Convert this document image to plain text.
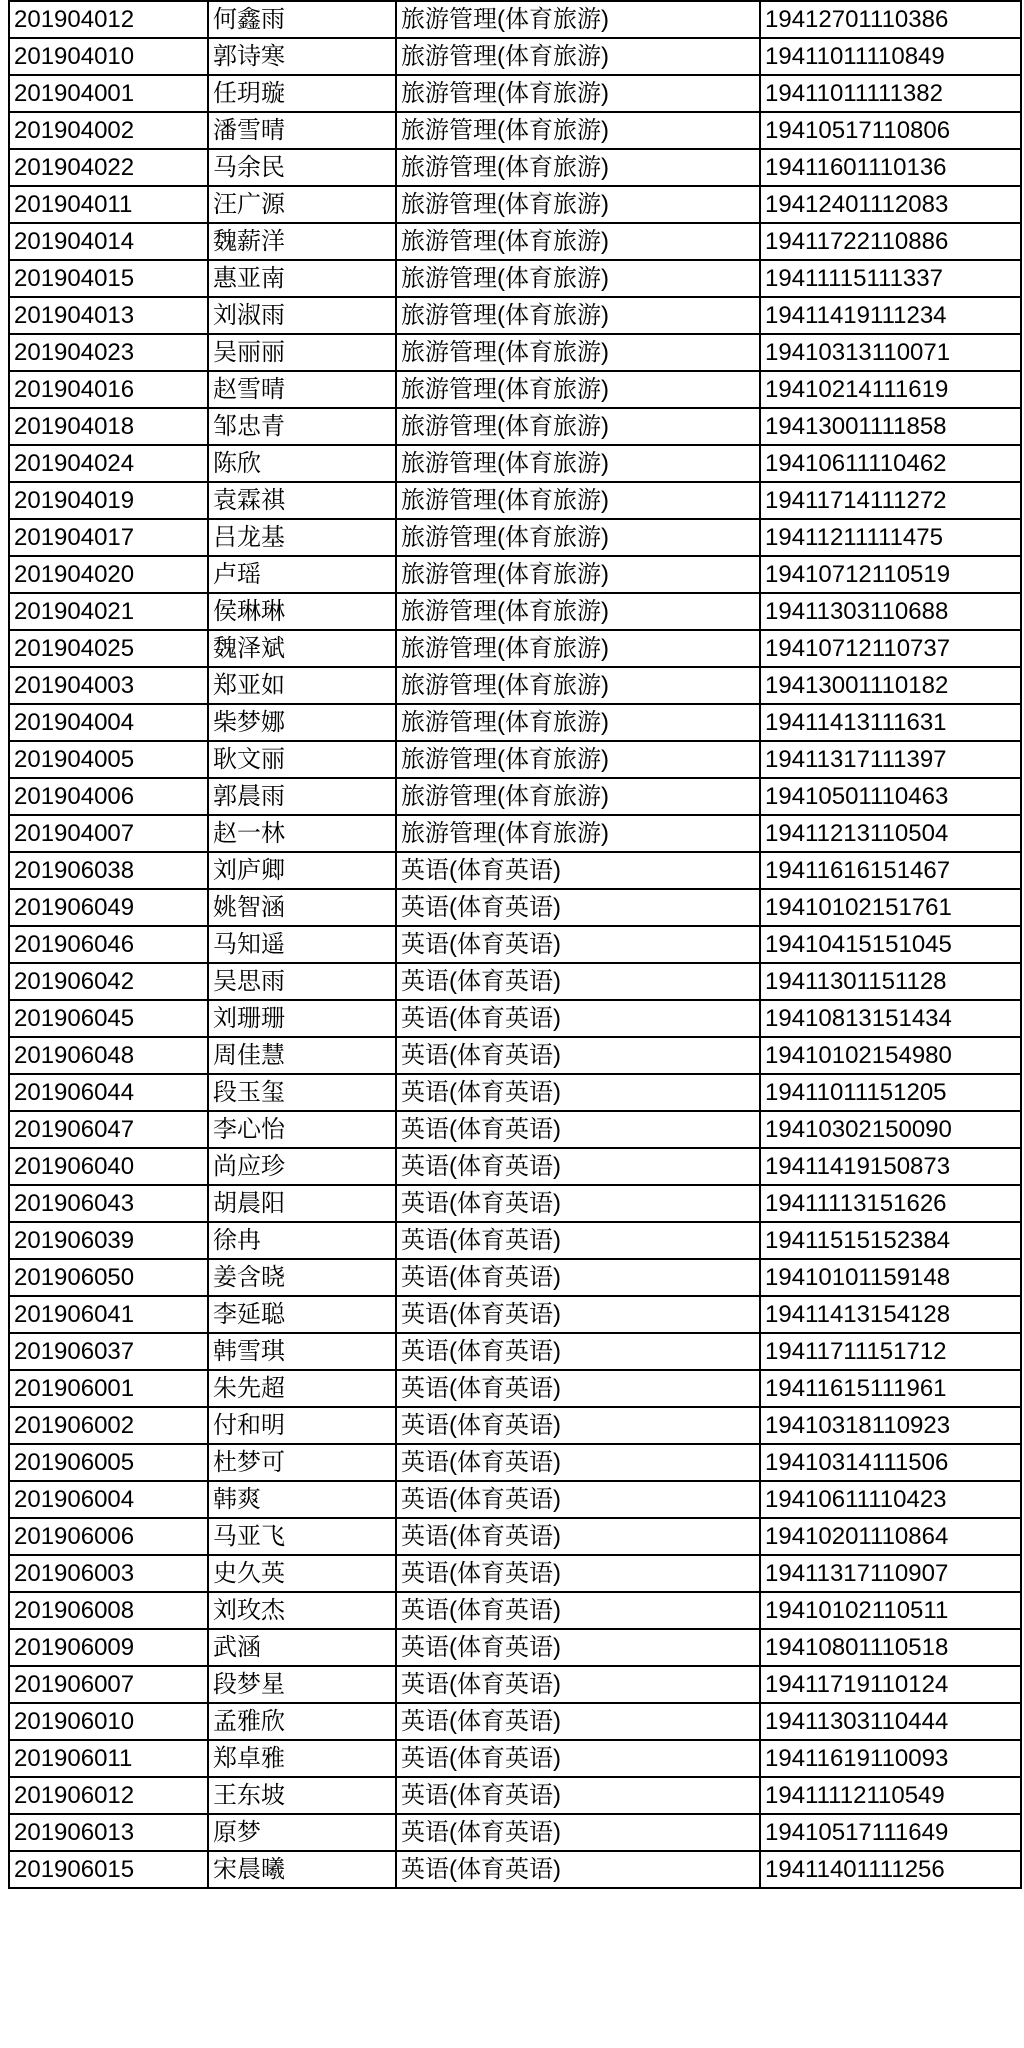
201904012	何鑫雨	旅游管理(体育旅游)	19412701110386
201904010	郭诗寒	旅游管理(体育旅游)	19411011110849
201904001	任玥璇	旅游管理(体育旅游)	19411011111382
201904002	潘雪晴	旅游管理(体育旅游)	19410517110806
201904022	马余民	旅游管理(体育旅游)	19411601110136
201904011	汪广源	旅游管理(体育旅游)	19412401112083
201904014	魏薪洋	旅游管理(体育旅游)	19411722110886
201904015	惠亚南	旅游管理(体育旅游)	19411115111337
201904013	刘淑雨	旅游管理(体育旅游)	19411419111234
201904023	吴丽丽	旅游管理(体育旅游)	19410313110071
201904016	赵雪晴	旅游管理(体育旅游)	19410214111619
201904018	邹忠青	旅游管理(体育旅游)	19413001111858
201904024	陈欣	旅游管理(体育旅游)	19410611110462
201904019	袁霖祺	旅游管理(体育旅游)	19411714111272
201904017	吕龙基	旅游管理(体育旅游)	19411211111475
201904020	卢瑶	旅游管理(体育旅游)	19410712110519
201904021	侯琳琳	旅游管理(体育旅游)	19411303110688
201904025	魏泽斌	旅游管理(体育旅游)	19410712110737
201904003	郑亚如	旅游管理(体育旅游)	19413001110182
201904004	柴梦娜	旅游管理(体育旅游)	19411413111631
201904005	耿文丽	旅游管理(体育旅游)	19411317111397
201904006	郭晨雨	旅游管理(体育旅游)	19410501110463
201904007	赵一林	旅游管理(体育旅游)	19411213110504
201906038	刘庐卿	英语(体育英语)	19411616151467
201906049	姚智涵	英语(体育英语)	19410102151761
201906046	马知遥	英语(体育英语)	19410415151045
201906042	吴思雨	英语(体育英语)	19411301151128
201906045	刘珊珊	英语(体育英语)	19410813151434
201906048	周佳慧	英语(体育英语)	19410102154980
201906044	段玉玺	英语(体育英语)	19411011151205
201906047	李心怡	英语(体育英语)	19410302150090
201906040	尚应珍	英语(体育英语)	19411419150873
201906043	胡晨阳	英语(体育英语)	19411113151626
201906039	徐冉	英语(体育英语)	19411515152384
201906050	姜含晓	英语(体育英语)	19410101159148
201906041	李延聪	英语(体育英语)	19411413154128
201906037	韩雪琪	英语(体育英语)	19411711151712
201906001	朱先超	英语(体育英语)	19411615111961
201906002	付和明	英语(体育英语)	19410318110923
201906005	杜梦可	英语(体育英语)	19410314111506
201906004	韩爽	英语(体育英语)	19410611110423
201906006	马亚飞	英语(体育英语)	19410201110864
201906003	史久英	英语(体育英语)	19411317110907
201906008	刘玫杰	英语(体育英语)	19410102110511
201906009	武涵	英语(体育英语)	19410801110518
201906007	段梦星	英语(体育英语)	19411719110124
201906010	孟雅欣	英语(体育英语)	19411303110444
201906011	郑卓雅	英语(体育英语)	19411619110093
201906012	王东坡	英语(体育英语)	19411112110549
201906013	原梦	英语(体育英语)	19410517111649
201906015	宋晨曦	英语(体育英语)	19411401111256
